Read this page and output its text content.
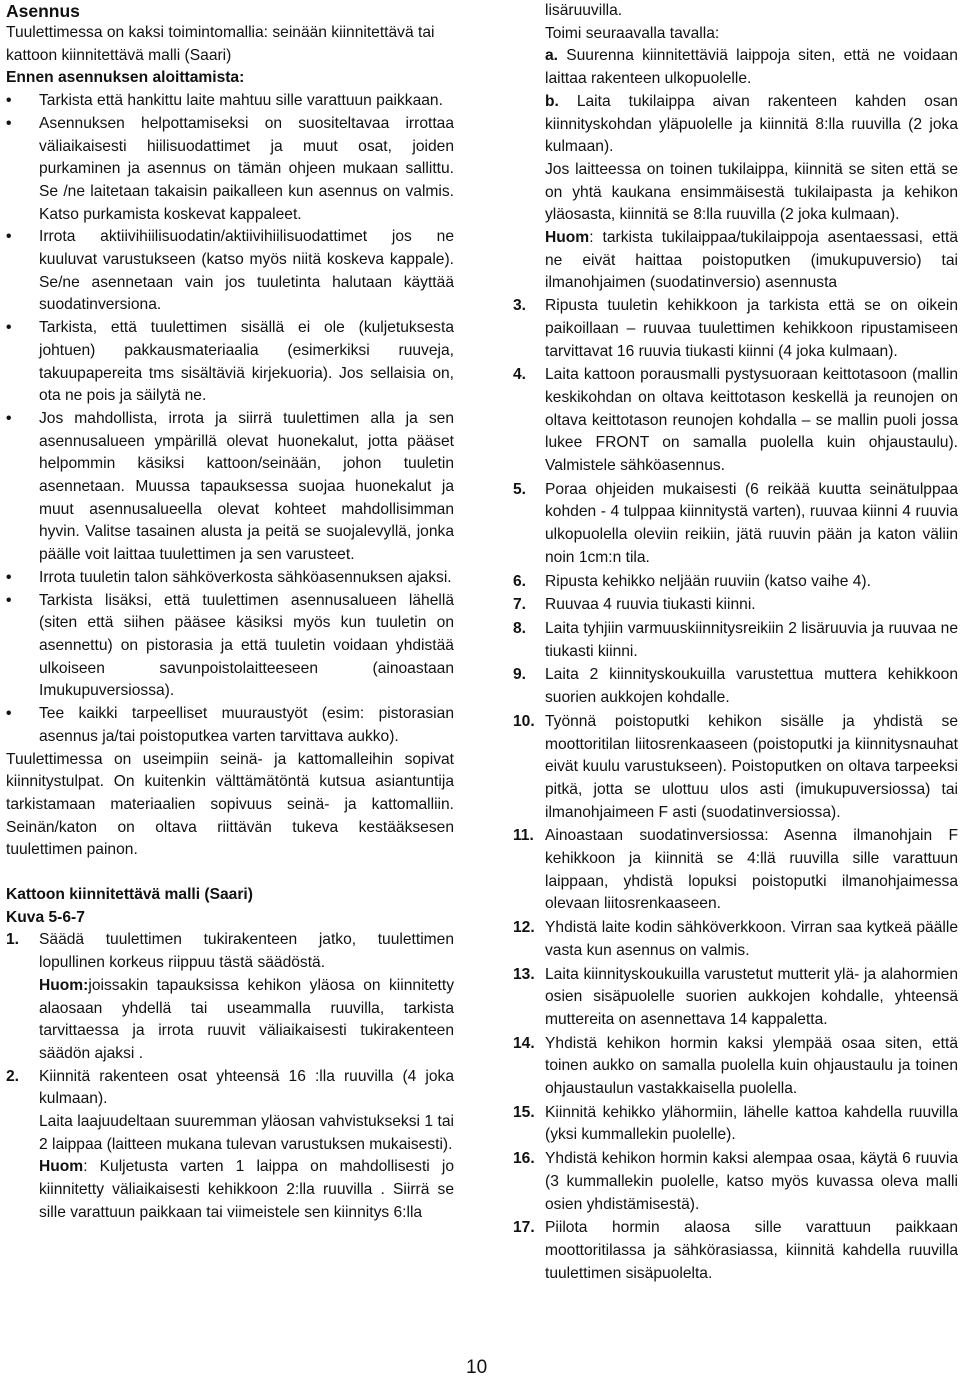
Asennus

Tuulettimessa on kaksi toimintomallia: seinään kiinnitettävä tai kattoon kiinnitettävä malli (Saari)

Ennen asennuksen aloittamista:

• Tarkista että hankittu laite mahtuu sille varattuun paikkaan.
• Asennuksen helpottamiseksi on suositeltavaa irrottaa väliaikaisesti hiilisuodattimet ja muut osat, joiden purkaminen ja asennus on tämän ohjeen mukaan sallittu. Se /ne laitetaan takaisin paikalleen kun asennus on valmis. Katso purkamista koskevat kappaleet.
• Irrota aktiivihiilisuodatin/aktiivihiilisuodattimet jos ne kuuluvat varustukseen (katso myös niitä koskeva kappale). Se/ne asennetaan vain jos tuuletinta halutaan käyttää suodatinversiona.
• Tarkista, että tuulettimen sisällä ei ole (kuljetuksesta johtuen) pakkausmateriaalia (esimerkiksi ruuveja, takuupapereita tms sisältäviä kirjekuoria). Jos sellaisia on, ota ne pois ja säilytä ne.
• Jos mahdollista, irrota ja siirrä tuulettimen alla ja sen asennusalueen ympärillä olevat huonekalut, jotta pääset helpommin käsiksi kattoon/seinään, johon tuuletin asennetaan. Muussa tapauksessa suojaa huonekalut ja muut asennusalueella olevat kohteet mahdollisimman hyvin. Valitse tasainen alusta ja peitä se suojalevyllä, jonka päälle voit laittaa tuulettimen ja sen varusteet.
• Irrota tuuletin talon sähköverkosta sähköasennuksen ajaksi.
• Tarkista lisäksi, että tuulettimen asennusalueen lähellä (siten että siihen pääsee käsiksi myös kun tuuletin on asennettu) on pistorasia ja että tuuletin voidaan yhdistää ulkoiseen savunpoistolaitteeseen (ainoastaan Imukupuversiossa).
• Tee kaikki tarpeelliset muuraustyöt (esim: pistorasian asennus ja/tai poistoputkea varten tarvittava aukko).

Tuulettimessa on useimpiin seinä- ja kattomalleihin sopivat kiinnitystulpat. On kuitenkin välttämätöntä kutsua asiantuntija tarkistamaan materiaalien sopivuus seinä- ja kattomalliin. Seinän/katon on oltava riittävän tukeva kestääksesen tuulettimen painon.

Kattoon kiinnitettävä malli (Saari)

Kuva 5-6-7

1. Säädä tuulettimen tukirakenteen jatko, tuulettimen lopullinen korkeus riippuu tästä säädöstä.
Huom:joissakin tapauksissa kehikon yläosa on kiinnitetty alaosaan yhdellä tai useammalla ruuvilla, tarkista tarvittaessa ja irrota ruuvit väliaikaisesti tukirakenteen säädön ajaksi .
2. Kiinnitä rakenteen osat yhteensä 16 :lla ruuvilla (4 joka kulmaan).
Laita laajuudeltaan suuremman yläosan vahvistukseksi 1 tai 2 laippaa (laitteen mukana tulevan varustuksen mukaisesti).
Huom: Kuljetusta varten 1 laippa on mahdollisesti jo kiinnitetty väliaikaisesti kehikkoon 2:lla ruuvilla . Siirrä se sille varattuun paikkaan tai viimeistele sen kiinnitys 6:lla

lisäruuvilla.

Toimi seuraavalla tavalla:

a. Suurenna kiinnitettäviä laippoja siten, että ne voidaan laittaa rakenteen ulkopuolelle.
b. Laita tukilaippa aivan rakenteen kahden osan kiinnityskohdan yläpuolelle ja kiinnitä 8:lla ruuvilla (2 joka kulmaan).
Jos laitteessa on toinen tukilaippa, kiinnitä se siten että se on yhtä kaukana ensimmäisestä tukilaipasta ja kehikon yläosasta, kiinnitä se 8:lla ruuvilla (2 joka kulmaan).
Huom: tarkista tukilaippaa/tukilaippoja asentaessasi, että ne eivät haittaa poistoputken (imukupuversio) tai ilmanohjaimen (suodatinversio) asennusta
3. Ripusta tuuletin kehikkoon ja tarkista että se on oikein paikoillaan – ruuvaa tuulettimen kehikkoon ripustamiseen tarvittavat 16 ruuvia tiukasti kiinni (4 joka kulmaan).
4. Laita kattoon porausmalli pystysuoraan keittotasoon (mallin keskikohdan on oltava keittotason keskellä ja reunojen on oltava keittotason reunojen kohdalla – se mallin puoli jossa lukee FRONT on samalla puolella kuin ohjaustaulu). Valmistele sähköasennus.
5. Poraa ohjeiden mukaisesti (6 reikää kuutta seinätulppaa kohden - 4 tulppaa kiinnitystä varten), ruuvaa kiinni 4 ruuvia ulkopuolella oleviin reikiin, jätä ruuvin pään ja katon väliin noin 1cm:n tila.
6. Ripusta kehikko neljään ruuviin (katso vaihe 4).
7. Ruuvaa 4 ruuvia tiukasti kiinni.
8. Laita tyhjiin varmuuskiinnitysreikiin 2 lisäruuvia ja ruuvaa ne tiukasti kiinni.
9. Laita 2 kiinnityskoukuilla varustettua muttera kehikkoon suorien aukkojen kohdalle.
10. Työnnä poistoputki kehikon sisälle ja yhdistä se moottoritilan liitosrenkaaseen (poistoputki ja kiinnitysnauhat eivät kuulu varustukseen). Poistoputken on oltava tarpeeksi pitkä, jotta se ulottuu ulos asti (imukupuversiossa) tai ilmanohjaimeen F asti (suodatinversiossa).
11. Ainoastaan suodatinversiossa: Asenna ilmanohjain F kehikkoon ja kiinnitä se 4:llä ruuvilla sille varattuun laippaan, yhdistä lopuksi poistoputki ilmanohjaimessa olevaan liitosrenkaaseen.
12. Yhdistä laite kodin sähköverkkoon. Virran saa kytkeä päälle vasta kun asennus on valmis.
13. Laita kiinnityskoukuilla varustetut mutterit ylä- ja alahormien osien sisäpuolelle suorien aukkojen kohdalle, yhteensä muttereita on asennettava 14 kappaletta.
14. Yhdistä kehikon hormin kaksi ylempää osaa siten, että toinen aukko on samalla puolella kuin ohjaustaulu ja toinen ohjaustaulun vastakkaisella puolella.
15. Kiinnitä kehikko ylähormiin, lähelle kattoa kahdella ruuvilla (yksi kummallekin puolelle).
16. Yhdistä kehikon hormin kaksi alempaa osaa, käytä 6 ruuvia (3 kummallekin puolelle, katso myös kuvassa oleva malli osien yhdistämisestä).
17. Piilota hormin alaosa sille varattuun paikkaan moottoritilassa ja sähkörasiassa, kiinnitä kahdella ruuvilla tuulettimen sisäpuolelta.
10
